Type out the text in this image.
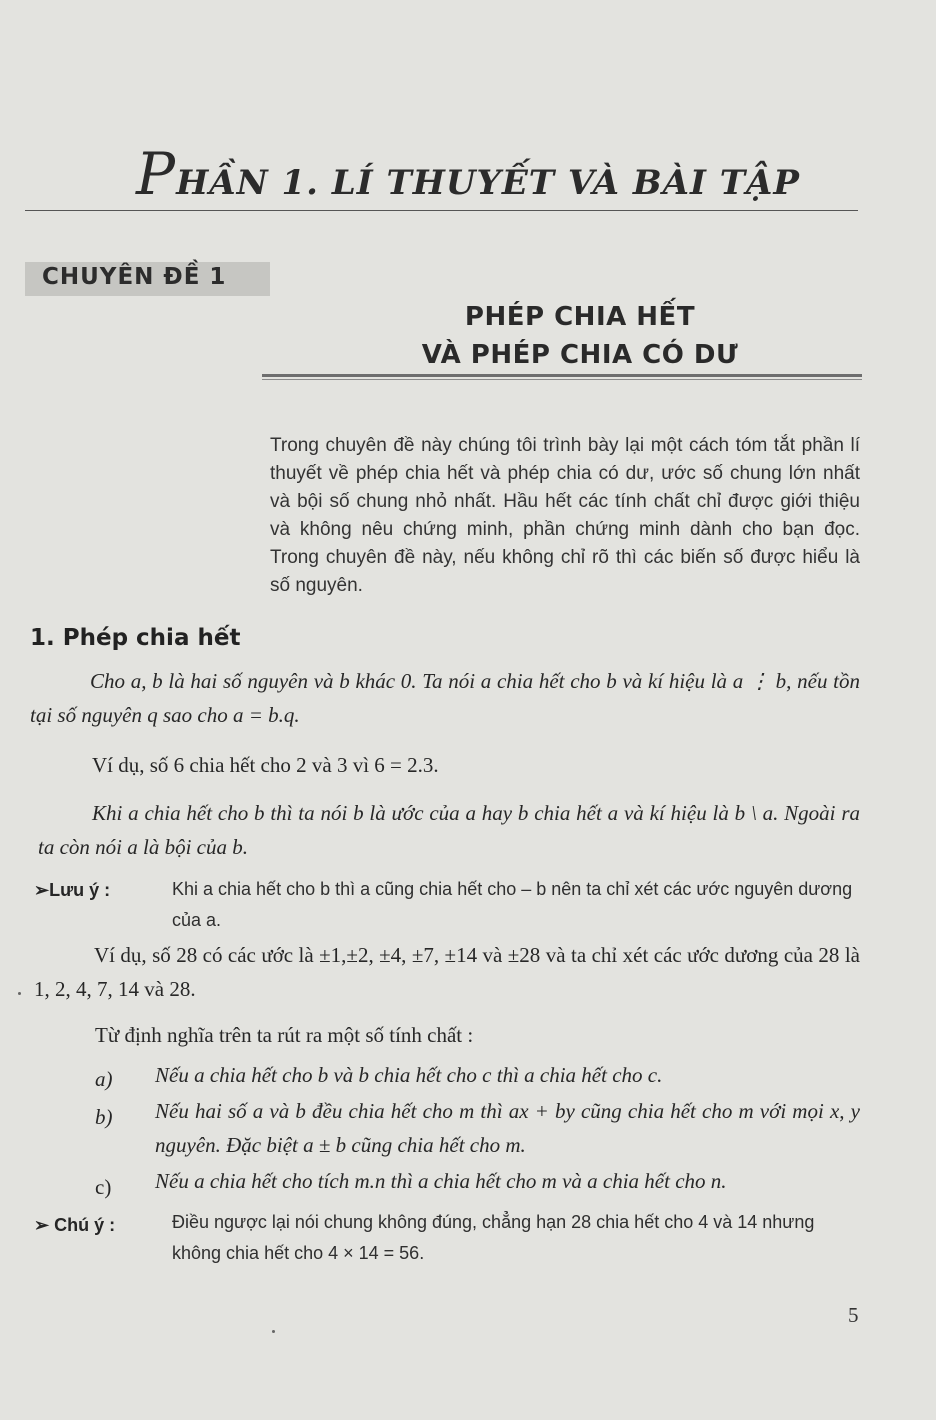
PHẦN 1. LÍ THUYẾT VÀ BÀI TẬP
CHUYÊN ĐỀ 1
PHÉP CHIA HẾT
VÀ PHÉP CHIA CÓ DƯ
Trong chuyên đề này chúng tôi trình bày lại một cách tóm tắt phần lí thuyết về phép chia hết và phép chia có dư, ước số chung lớn nhất và bội số chung nhỏ nhất. Hầu hết các tính chất chỉ được giới thiệu và không nêu chứng minh, phần chứng minh dành cho bạn đọc. Trong chuyên đề này, nếu không chỉ rõ thì các biến số được hiểu là số nguyên.
1. Phép chia hết
Cho a, b là hai số nguyên và b khác 0. Ta nói a chia hết cho b và kí hiệu là a ⋮ b, nếu tồn tại số nguyên q sao cho a = b.q.
Ví dụ, số 6 chia hết cho 2 và 3 vì 6 = 2.3.
Khi a chia hết cho b thì ta nói b là ước của a hay b chia hết a và kí hiệu là b \ a. Ngoài ra ta còn nói a là bội của b.
➢Lưu ý :	Khi a chia hết cho b thì a cũng chia hết cho – b nên ta chỉ xét các ước nguyên dương của a.
Ví dụ, số 28 có các ước là ±1,±2, ±4, ±7, ±14 và ±28 và ta chỉ xét các ước dương của 28 là 1, 2, 4, 7, 14 và 28.
Từ định nghĩa trên ta rút ra một số tính chất :
a) Nếu a chia hết cho b và b chia hết cho c thì a chia hết cho c.
b) Nếu hai số a và b đều chia hết cho m thì ax + by cũng chia hết cho m với mọi x, y nguyên. Đặc biệt a ± b cũng chia hết cho m.
c) Nếu a chia hết cho tích m.n thì a chia hết cho m và a chia hết cho n.
➢ Chú ý :	Điều ngược lại nói chung không đúng, chẳng hạn 28 chia hết cho 4 và 14 nhưng không chia hết cho 4 × 14 = 56.
5
